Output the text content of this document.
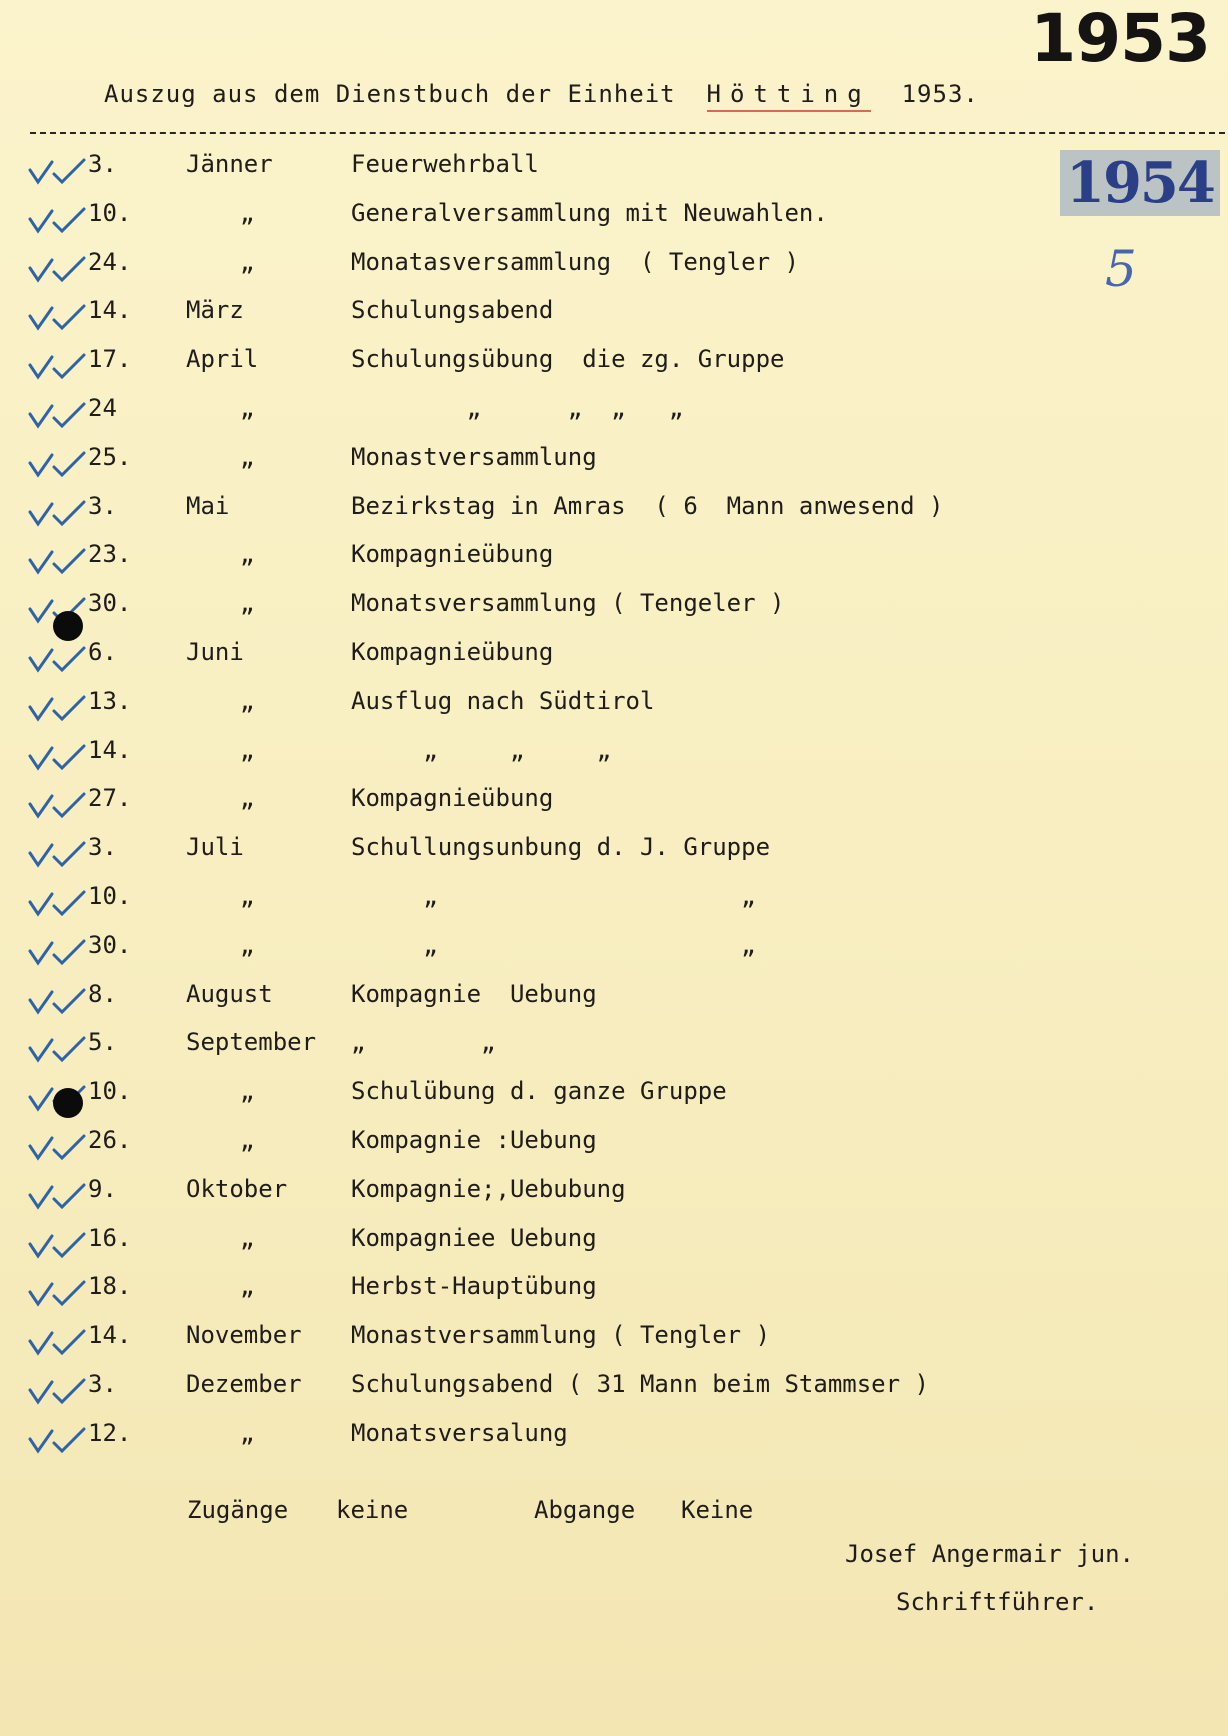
1953
Auszug aus dem Dienstbuch der Einheit Hötting 1953.
1954
5
3.	Jänner	Feuerwehrball
10.	„	Generalversammlung mit Neuwahlen.
24.	„	Monatasversammlung  ( Tengler )
14.	März	Schulungsabend
17.	April	Schulungsübung  die zg. Gruppe
24	„	„      „  „   „
25.	„	Monastversammlung
3.	Mai	Bezirkstag in Amras  ( 6  Mann anwesend )
23.	„	Kompagnieübung
30.	„	Monatsversammlung ( Tengeler )
6.	Juni	Kompagnieübung
13.	„	Ausflug nach Südtirol
14.	„	„     „     „
27.	„	Kompagnieübung
3.	Juli	Schullungsunbung d. J. Gruppe
10.	„	„                     „
30.	„	„                     „
8.	August	Kompagnie  Uebung
5.	September	„        „
10.	„	Schulübung d. ganze Gruppe
26.	„	Kompagnie :Uebung
9.	Oktober	Kompagnie;,Uebubung
16.	„	Kompagniee Uebung
18.	„	Herbst-Hauptübung
14.	November	Monastversammlung ( Tengler )
3.	Dezember	Schulungsabend ( 31 Mann beim Stammser )
12.	„	Monatsversalung
Zugänge keine	Abgange Keine
Josef Angermair jun.
Schriftführer.
